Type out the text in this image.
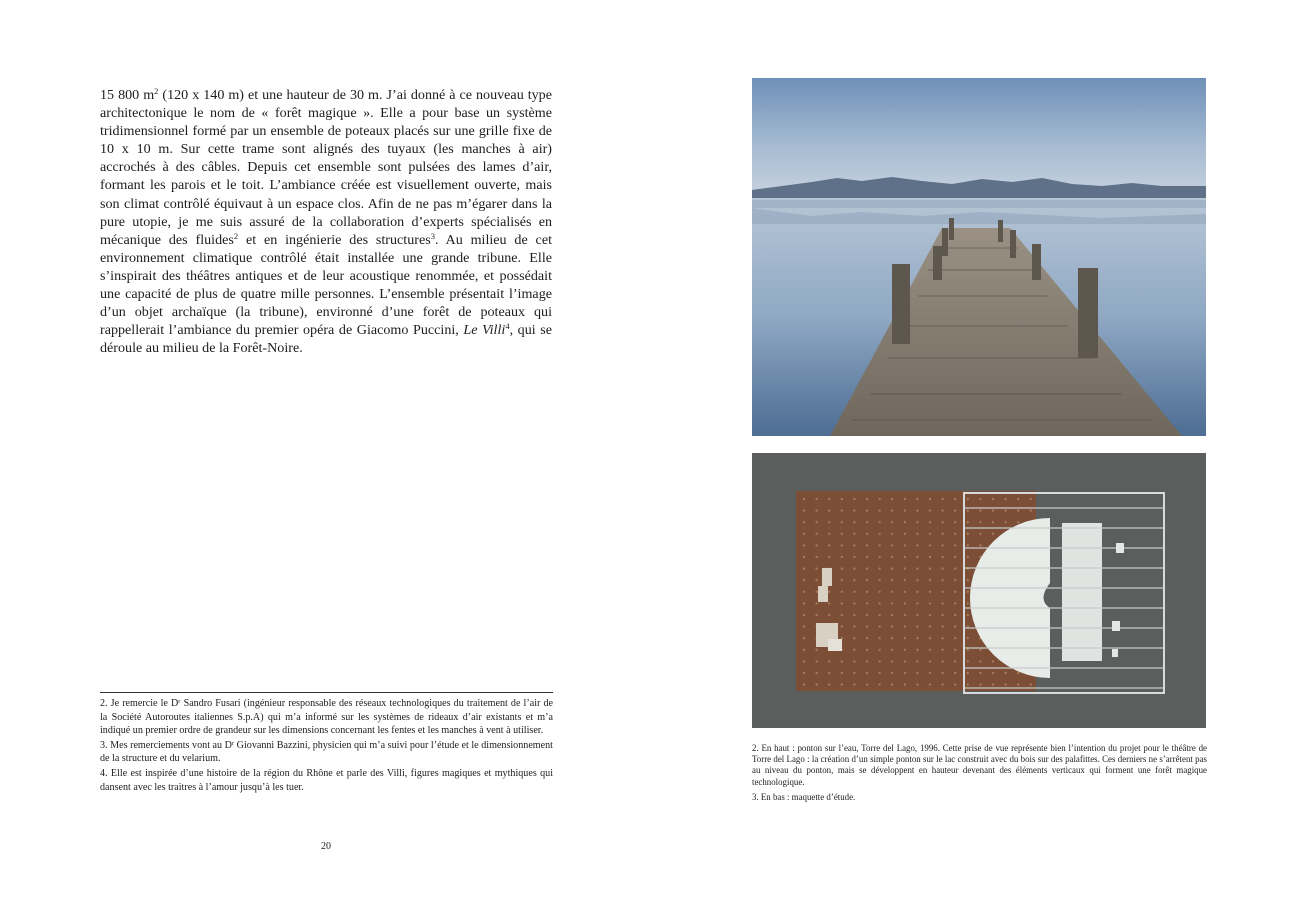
15 800 $m^2$ (120 x 140 m) et une hauteur de 30 m. J’ai donné à ce nouveau type architectonique le nom de « forêt magique ». Elle a pour base un système tridimensionnel formé par un ensemble de poteaux placés sur une grille fixe de 10 x 10 m. Sur cette trame sont alignés des tuyaux (les manches à air) accrochés à des câbles. Depuis cet ensemble sont pulsées des lames d’air, formant les parois et le toit. L’ambiance créée est visuellement ouverte, mais son climat contrôlé équivaut à un espace clos. Afin de ne pas m’égarer dans la pure utopie, je me suis assuré de la collaboration d’experts spécialisés en mécanique des fluides$^2$ et en ingénierie des structures$^3$. Au milieu de cet environnement climatique contrôlé était installée une grande tribune. Elle s’inspirait des théâtres antiques et de leur acoustique renommée, et possédait une capacité de plus de quatre mille personnes. L’ensemble présentait l’image d’un objet archaïque (la tribune), environné d’une forêt de poteaux qui rappellerait l’ambiance du premier opéra de Giacomo Puccini, Le Villi$^4$, qui se déroule au milieu de la Forêt-Noire.

2. Je remercie le $D^r$ Sandro Fusari (ingénieur responsable des réseaux technologiques du traitement de l’air de la Société Autoroutes italiennes S.p.A) qui m’a informé sur les systèmes de rideaux d’air existants et m’a indiqué un premier ordre de grandeur sur les dimensions concernant les fentes et les manches à vent à utiliser.

3. Mes remerciements vont au $D^r$ Giovanni Bazzini, physicien qui m’a suivi pour l’étude et le dimensionnement de la structure et du velarium.

4. Elle est inspirée d’une histoire de la région du Rhône et parle des Villi, figures magiques et mythiques qui dansent avec les traitres à l’amour jusqu’à les tuer.

20

2. En haut : ponton sur l’eau, Torre del Lago, 1996. Cette prise de vue représente bien l’intention du projet pour le théâtre de Torre del Lago : la création d’un simple ponton sur le lac construit avec du bois sur des palafittes. Ces derniers ne s’arrêtent pas au niveau du ponton, mais se développent en hauteur devenant des éléments verticaux qui forment une forêt magique technologique.

3. En bas : maquette d’étude.
